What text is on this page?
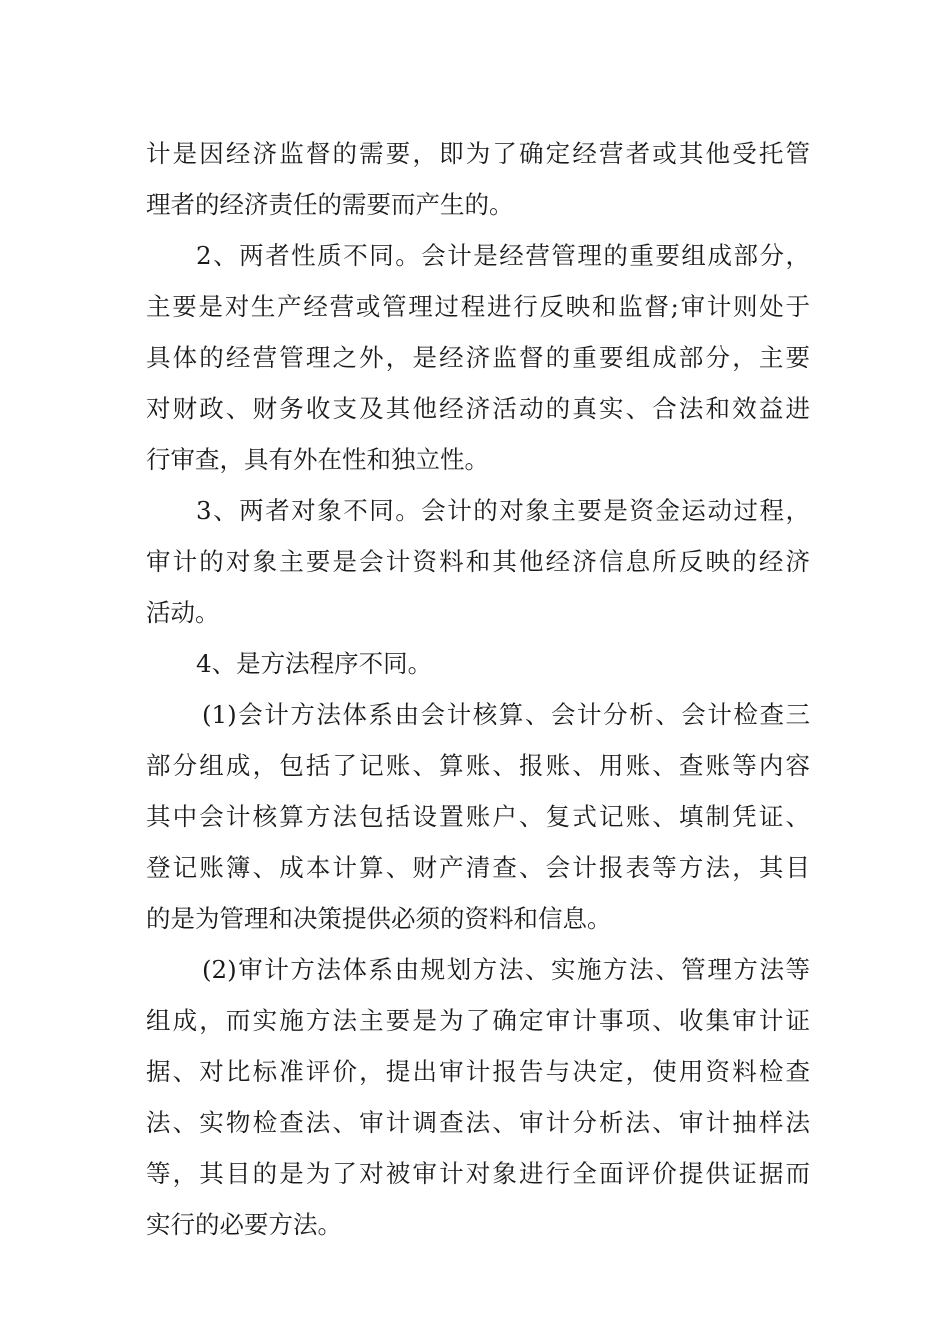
计是因经济监督的需要，即为了确定经营者或其他受托管
理者的经济责任的需要而产生的。
2、两者性质不同。会计是经营管理的重要组成部分，
主要是对生产经营或管理过程进行反映和监督;审计则处于
具体的经营管理之外，是经济监督的重要组成部分，主要
对财政、财务收支及其他经济活动的真实、合法和效益进
行审查，具有外在性和独立性。
3、两者对象不同。会计的对象主要是资金运动过程，
审计的对象主要是会计资料和其他经济信息所反映的经济
活动。
4、是方法程序不同。
(1)会计方法体系由会计核算、会计分析、会计检查三
部分组成，包括了记账、算账、报账、用账、查账等内容
其中会计核算方法包括设置账户、复式记账、填制凭证、
登记账簿、成本计算、财产清查、会计报表等方法，其目
的是为管理和决策提供必须的资料和信息。
(2)审计方法体系由规划方法、实施方法、管理方法等
组成，而实施方法主要是为了确定审计事项、收集审计证
据、对比标准评价，提出审计报告与决定，使用资料检查
法、实物检查法、审计调查法、审计分析法、审计抽样法
等，其目的是为了对被审计对象进行全面评价提供证据而
实行的必要方法。
